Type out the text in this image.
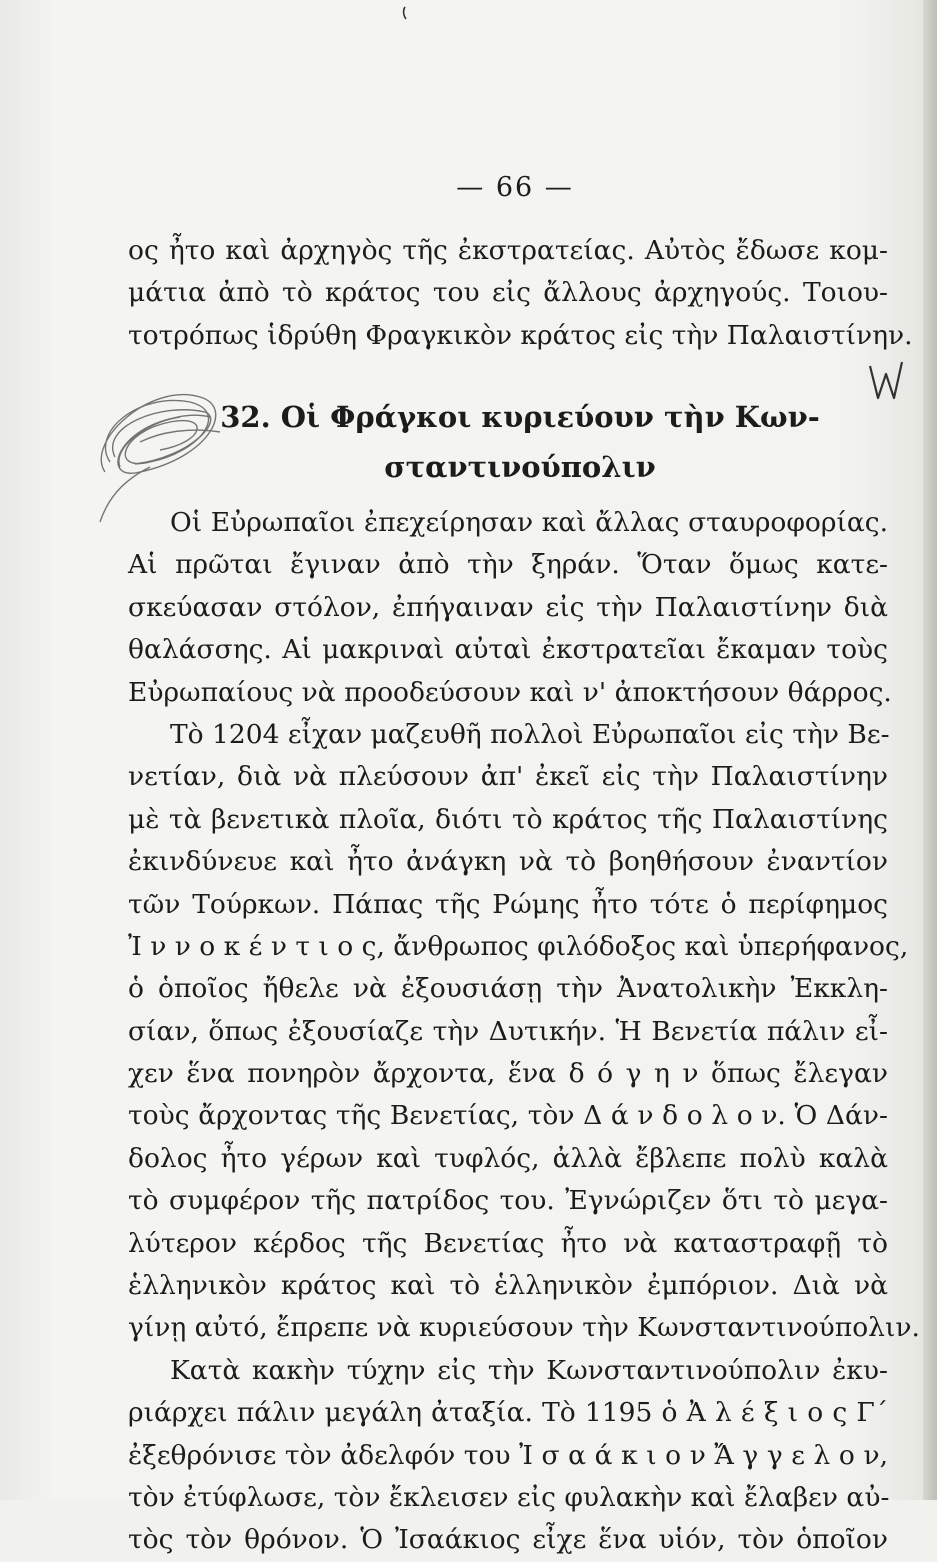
— 66 —
ος ἦτο καὶ ἀρχηγὸς τῆς ἐκστρατείας. Αὐτὸς ἔδωσε κομ-
μάτια ἀπὸ τὸ κράτος του εἰς ἄλλους ἀρχηγούς. Τοιου-
τοτρόπως ἱδρύθη Φραγκικὸν κράτος εἰς τὴν Παλαιστίνην.
32. Οἱ Φράγκοι κυριεύουν τὴν Κων-
σταντινούπολιν
Οἱ Εὐρωπαῖοι ἐπεχείρησαν καὶ ἄλλας σταυροφορίας.
Αἱ πρῶται ἔγιναν ἀπὸ τὴν ξηράν. Ὅταν ὅμως κατε-
σκεύασαν στόλον, ἐπήγαιναν εἰς τὴν Παλαιστίνην διὰ
θαλάσσης. Αἱ μακριναὶ αὐταὶ ἐκστρατεῖαι ἔκαμαν τοὺς
Εὐρωπαίους νὰ προοδεύσουν καὶ ν' ἀποκτήσουν θάρρος.
Τὸ 1204 εἶχαν μαζευθῆ πολλοὶ Εὐρωπαῖοι εἰς τὴν Βε-
νετίαν, διὰ νὰ πλεύσουν ἀπ' ἐκεῖ εἰς τὴν Παλαιστίνην
μὲ τὰ βενετικὰ πλοῖα, διότι τὸ κράτος τῆς Παλαιστίνης
ἐκινδύνευε καὶ ἦτο ἀνάγκη νὰ τὸ βοηθήσουν ἐναντίον
τῶν Τούρκων. Πάπας τῆς Ρώμης ἦτο τότε ὁ περίφημος
Ἰ ν ν ο κ έ ν τ ι ο ς, ἄνθρωπος φιλόδοξος καὶ ὑπερήφανος,
ὁ ὁποῖος ἤθελε νὰ ἐξουσιάσῃ τὴν Ἀνατολικὴν Ἐκκλη-
σίαν, ὅπως ἐξουσίαζε τὴν Δυτικήν. Ἡ Βενετία πάλιν εἶ-
χεν ἕνα πονηρὸν ἄρχοντα, ἕνα δ ό γ η ν ὅπως ἔλεγαν
τοὺς ἄρχοντας τῆς Βενετίας, τὸν Δ ά ν δ ο λ ο ν. Ὁ Δάν-
δολος ἦτο γέρων καὶ τυφλός, ἀλλὰ ἔβλεπε πολὺ καλὰ
τὸ συμφέρον τῆς πατρίδος του. Ἐγνώριζεν ὅτι τὸ μεγα-
λύτερον κέρδος τῆς Βενετίας ἦτο νὰ καταστραφῇ τὸ
ἑλληνικὸν κράτος καὶ τὸ ἑλληνικὸν ἐμπόριον. Διὰ νὰ
γίνῃ αὐτό, ἔπρεπε νὰ κυριεύσουν τὴν Κωνσταντινούπολιν.
Κατὰ κακὴν τύχην εἰς τὴν Κωνσταντινούπολιν ἐκυ-
ριάρχει πάλιν μεγάλη ἀταξία. Τὸ 1195 ὁ Ἀ λ έ ξ ι ο ς Γ΄
ἐξεθρόνισε τὸν ἀδελφόν του Ἰ σ α ά κ ι ο ν Ἄ γ γ ε λ ο ν,
τὸν ἐτύφλωσε, τὸν ἔκλεισεν εἰς φυλακὴν καὶ ἔλαβεν αὐ-
τὸς τὸν θρόνον. Ὁ Ἰσαάκιος εἶχε ἕνα υἱόν, τὸν ὁποῖον
